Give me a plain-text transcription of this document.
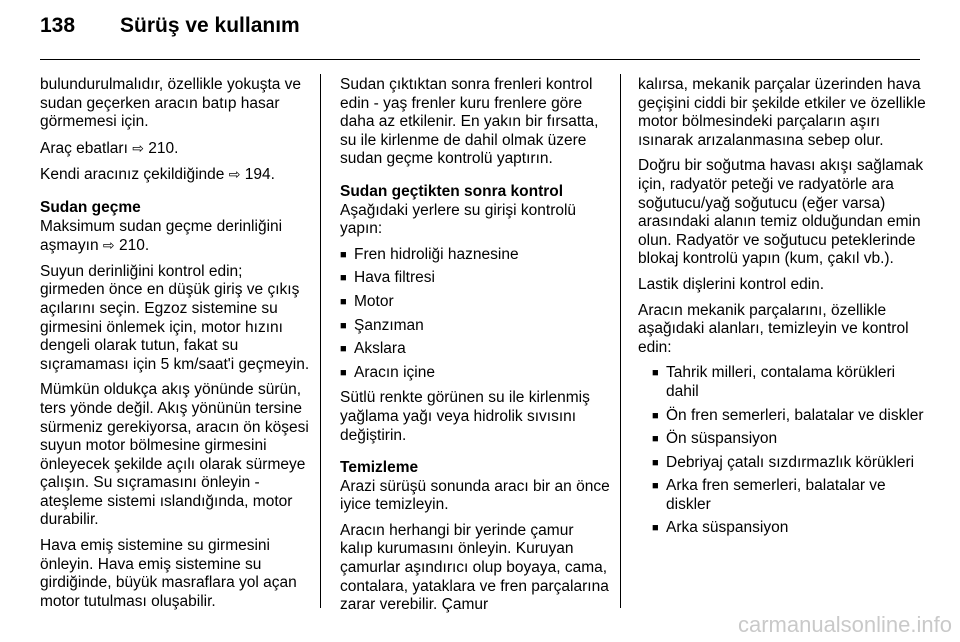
138 Sürüş ve kullanım

bulundurulmalıdır, özellikle yokuşta ve sudan geçerken aracın batıp hasar görmemesi için.

Araç ebatları ⇨ 210.

Kendi aracınız çekildiğinde ⇨ 194.

Sudan geçme

Maksimum sudan geçme derinliğini aşmayın ⇨ 210.

Suyun derinliğini kontrol edin; girmeden önce en düşük giriş ve çıkış açılarını seçin. Egzoz sistemine su girmesini önlemek için, motor hızını dengeli olarak tutun, fakat su sıçramaması için 5 km/saat'i geçmeyin.

Mümkün oldukça akış yönünde sürün, ters yönde değil. Akış yönünün tersine sürmeniz gerekiyorsa, aracın ön köşesi suyun motor bölmesine girmesini önleyecek şekilde açılı olarak sürmeye çalışın. Su sıçramasını önleyin - ateşleme sistemi ıslandığında, motor durabilir.

Hava emiş sistemine su girmesini önleyin. Hava emiş sistemine su girdiğinde, büyük masraflara yol açan motor tutulması oluşabilir.

Sudan çıktıktan sonra frenleri kontrol edin - yaş frenler kuru frenlere göre daha az etkilenir. En yakın bir fırsatta, su ile kirlenme de dahil olmak üzere sudan geçme kontrolü yaptırın.

Sudan geçtikten sonra kontrol

Aşağıdaki yerlere su girişi kontrolü yapın:

■ Fren hidroliği haznesine
■ Hava filtresi
■ Motor
■ Şanzıman
■ Akslara
■ Aracın içine

Sütlü renkte görünen su ile kirlenmiş yağlama yağı veya hidrolik sıvısını değiştirin.

Temizleme

Arazi sürüşü sonunda aracı bir an önce iyice temizleyin.

Aracın herhangi bir yerinde çamur kalıp kurumasını önleyin. Kuruyan çamurlar aşındırıcı olup boyaya, cama, contalara, yataklara ve fren parçalarına zarar verebilir. Çamur

kalırsa, mekanik parçalar üzerinden hava geçişini ciddi bir şekilde etkiler ve özellikle motor bölmesindeki parçaların aşırı ısınarak arızalanmasına sebep olur.

Doğru bir soğutma havası akışı sağlamak için, radyatör peteği ve radyatörle ara soğutucu/yağ soğutucu (eğer varsa) arasındaki alanın temiz olduğundan emin olun. Radyatör ve soğutucu peteklerinde blokaj kontrolü yapın (kum, çakıl vb.).

Lastik dişlerini kontrol edin.

Aracın mekanik parçalarını, özellikle aşağıdaki alanları, temizleyin ve kontrol edin:

■ Tahrik milleri, contalama körükleri dahil
■ Ön fren semerleri, balatalar ve diskler
■ Ön süspansiyon
■ Debriyaj çatalı sızdırmazlık körükleri
■ Arka fren semerleri, balatalar ve diskler
■ Arka süspansiyon
carmanualsonline.info
